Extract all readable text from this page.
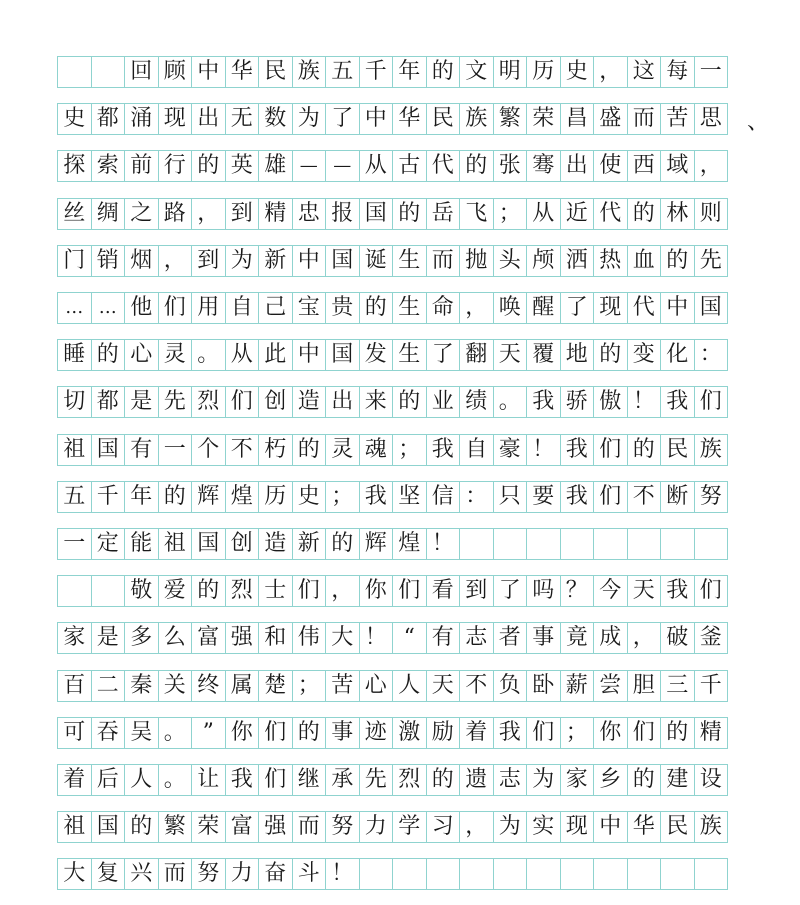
回 顾 中 华 民 族 五 千 年 的 文 明 历 史 ， 这 每 一
史 都 涌 现 出 无 数 为 了 中 华 民 族 繁 荣 昌 盛 而 苦 思
探 索 前 行 的 英 雄 — — 从 古 代 的 张 骞 出 使 西 域 ，
丝 绸 之 路 ， 到 精 忠 报 国 的 岳 飞 ； 从 近 代 的 林 则
门 销 烟 ， 到 为 新 中 国 诞 生 而 抛 头 颅 洒 热 血 的 先
… … 他 们 用 自 己 宝 贵 的 生 命 ， 唤 醒 了 现 代 中 国
睡 的 心 灵 。 从 此 中 国 发 生 了 翻 天 覆 地 的 变 化 ：
切 都 是 先 烈 们 创 造 出 来 的 业 绩 。 我 骄 傲 ！ 我 们
祖 国 有 一 个 不 朽 的 灵 魂 ； 我 自 豪 ！ 我 们 的 民 族
五 千 年 的 辉 煌 历 史 ； 我 坚 信 ： 只 要 我 们 不 断 努
一 定 能 祖 国 创 造 新 的 辉 煌 ！
敬 爱 的 烈 士 们 ， 你 们 看 到 了 吗 ？ 今 天 我 们
家 是 多 么 富 强 和 伟 大 ！ “ 有 志 者 事 竟 成 ， 破 釜
百 二 秦 关 终 属 楚 ； 苦 心 人 天 不 负 卧 薪 尝 胆 三 千
可 吞 吴 。 ” 你 们 的 事 迹 激 励 着 我 们 ； 你 们 的 精
着 后 人 。 让 我 们 继 承 先 烈 的 遗 志 为 家 乡 的 建 设
祖 国 的 繁 荣 富 强 而 努 力 学 习 ， 为 实 现 中 华 民 族
大 复 兴 而 努 力 奋 斗 ！
、
